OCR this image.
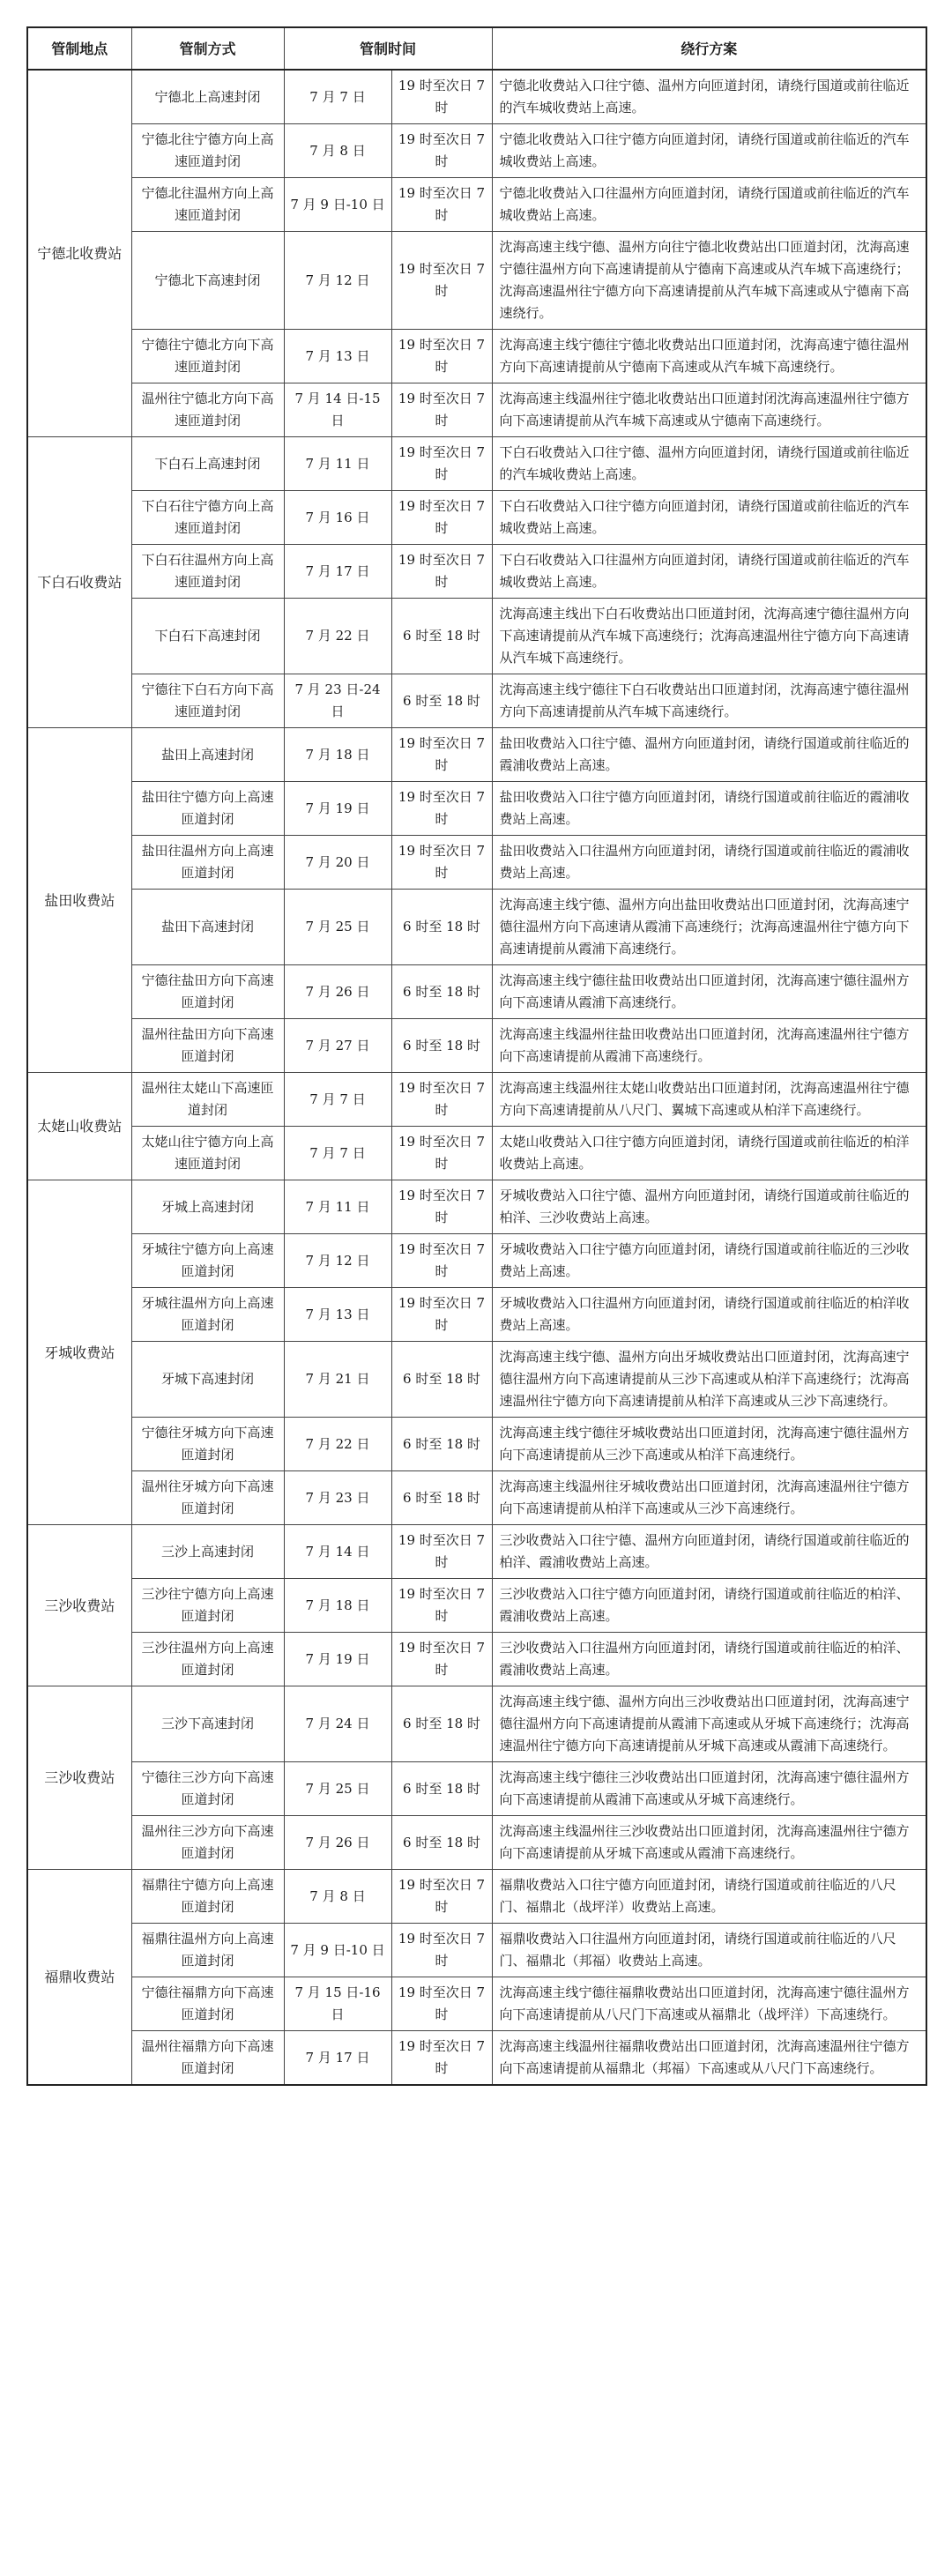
管制地点	管制方式	管制时间		绕行方案
宁德北收费站	宁德北上高速封闭	7 月 7 日	19 时至次日 7 时	宁德北收费站入口往宁德、温州方向匝道封闭，请绕行国道或前往临近的汽车城收费站上高速。
	宁德北往宁德方向上高速匝道封闭	7 月 8 日	19 时至次日 7 时	宁德北收费站入口往宁德方向匝道封闭，请绕行国道或前往临近的汽车城收费站上高速。
	宁德北往温州方向上高速匝道封闭	7 月 9 日-10 日	19 时至次日 7 时	宁德北收费站入口往温州方向匝道封闭，请绕行国道或前往临近的汽车城收费站上高速。
	宁德北下高速封闭	7 月 12 日	19 时至次日 7 时	沈海高速主线宁德、温州方向往宁德北收费站出口匝道封闭，沈海高速宁德往温州方向下高速请提前从宁德南下高速或从汽车城下高速绕行；沈海高速温州往宁德方向下高速请提前从汽车城下高速或从宁德南下高速绕行。
	宁德往宁德北方向下高速匝道封闭	7 月 13 日	19 时至次日 7 时	沈海高速主线宁德往宁德北收费站出口匝道封闭，沈海高速宁德往温州方向下高速请提前从宁德南下高速或从汽车城下高速绕行。
	温州往宁德北方向下高速匝道封闭	7 月 14 日-15 日	19 时至次日 7 时	沈海高速主线温州往宁德北收费站出口匝道封闭沈海高速温州往宁德方向下高速请提前从汽车城下高速或从宁德南下高速绕行。
下白石收费站	下白石上高速封闭	7 月 11 日	19 时至次日 7 时	下白石收费站入口往宁德、温州方向匝道封闭，请绕行国道或前往临近的汽车城收费站上高速。
	下白石往宁德方向上高速匝道封闭	7 月 16 日	19 时至次日 7 时	下白石收费站入口往宁德方向匝道封闭，请绕行国道或前往临近的汽车城收费站上高速。
	下白石往温州方向上高速匝道封闭	7 月 17 日	19 时至次日 7 时	下白石收费站入口往温州方向匝道封闭，请绕行国道或前往临近的汽车城收费站上高速。
	下白石下高速封闭	7 月 22 日	6 时至 18 时	沈海高速主线出下白石收费站出口匝道封闭，沈海高速宁德往温州方向下高速请提前从汽车城下高速绕行；沈海高速温州往宁德方向下高速请从汽车城下高速绕行。
	宁德往下白石方向下高速匝道封闭	7 月 23 日-24 日	6 时至 18 时	沈海高速主线宁德往下白石收费站出口匝道封闭，沈海高速宁德往温州方向下高速请提前从汽车城下高速绕行。
盐田收费站	盐田上高速封闭	7 月 18 日	19 时至次日 7 时	盐田收费站入口往宁德、温州方向匝道封闭，请绕行国道或前往临近的霞浦收费站上高速。
	盐田往宁德方向上高速匝道封闭	7 月 19 日	19 时至次日 7 时	盐田收费站入口往宁德方向匝道封闭，请绕行国道或前往临近的霞浦收费站上高速。
	盐田往温州方向上高速匝道封闭	7 月 20 日	19 时至次日 7 时	盐田收费站入口往温州方向匝道封闭，请绕行国道或前往临近的霞浦收费站上高速。
	盐田下高速封闭	7 月 25 日	6 时至 18 时	沈海高速主线宁德、温州方向出盐田收费站出口匝道封闭，沈海高速宁德往温州方向下高速请从霞浦下高速绕行；沈海高速温州往宁德方向下高速请提前从霞浦下高速绕行。
	宁德往盐田方向下高速匝道封闭	7 月 26 日	6 时至 18 时	沈海高速主线宁德往盐田收费站出口匝道封闭，沈海高速宁德往温州方向下高速请从霞浦下高速绕行。
	温州往盐田方向下高速匝道封闭	7 月 27 日	6 时至 18 时	沈海高速主线温州往盐田收费站出口匝道封闭，沈海高速温州往宁德方向下高速请提前从霞浦下高速绕行。
太姥山收费站	温州往太姥山下高速匝道封闭	7 月 7 日	19 时至次日 7 时	沈海高速主线温州往太姥山收费站出口匝道封闭，沈海高速温州往宁德方向下高速请提前从八尺门、翼城下高速或从柏洋下高速绕行。
	太姥山往宁德方向上高速匝道封闭	7 月 7 日	19 时至次日 7 时	太姥山收费站入口往宁德方向匝道封闭，请绕行国道或前往临近的柏洋收费站上高速。
牙城收费站	牙城上高速封闭	7 月 11 日	19 时至次日 7 时	牙城收费站入口往宁德、温州方向匝道封闭，请绕行国道或前往临近的柏洋、三沙收费站上高速。
	牙城往宁德方向上高速匝道封闭	7 月 12 日	19 时至次日 7 时	牙城收费站入口往宁德方向匝道封闭，请绕行国道或前往临近的三沙收费站上高速。
	牙城往温州方向上高速匝道封闭	7 月 13 日	19 时至次日 7 时	牙城收费站入口往温州方向匝道封闭，请绕行国道或前往临近的柏洋收费站上高速。
	牙城下高速封闭	7 月 21 日	6 时至 18 时	沈海高速主线宁德、温州方向出牙城收费站出口匝道封闭，沈海高速宁德往温州方向下高速请提前从三沙下高速或从柏洋下高速绕行；沈海高速温州往宁德方向下高速请提前从柏洋下高速或从三沙下高速绕行。
	宁德往牙城方向下高速匝道封闭	7 月 22 日	6 时至 18 时	沈海高速主线宁德往牙城收费站出口匝道封闭，沈海高速宁德往温州方向下高速请提前从三沙下高速或从柏洋下高速绕行。
	温州往牙城方向下高速匝道封闭	7 月 23 日	6 时至 18 时	沈海高速主线温州往牙城收费站出口匝道封闭，沈海高速温州往宁德方向下高速请提前从柏洋下高速或从三沙下高速绕行。
三沙收费站	三沙上高速封闭	7 月 14 日	19 时至次日 7 时	三沙收费站入口往宁德、温州方向匝道封闭，请绕行国道或前往临近的柏洋、霞浦收费站上高速。
	三沙往宁德方向上高速匝道封闭	7 月 18 日	19 时至次日 7 时	三沙收费站入口往宁德方向匝道封闭，请绕行国道或前往临近的柏洋、霞浦收费站上高速。
	三沙往温州方向上高速匝道封闭	7 月 19 日	19 时至次日 7 时	三沙收费站入口往温州方向匝道封闭，请绕行国道或前往临近的柏洋、霞浦收费站上高速。
三沙收费站	三沙下高速封闭	7 月 24 日	6 时至 18 时	沈海高速主线宁德、温州方向出三沙收费站出口匝道封闭，沈海高速宁德往温州方向下高速请提前从霞浦下高速或从牙城下高速绕行；沈海高速温州往宁德方向下高速请提前从牙城下高速或从霞浦下高速绕行。
	宁德往三沙方向下高速匝道封闭	7 月 25 日	6 时至 18 时	沈海高速主线宁德往三沙收费站出口匝道封闭，沈海高速宁德往温州方向下高速请提前从霞浦下高速或从牙城下高速绕行。
	温州往三沙方向下高速匝道封闭	7 月 26 日	6 时至 18 时	沈海高速主线温州往三沙收费站出口匝道封闭，沈海高速温州往宁德方向下高速请提前从牙城下高速或从霞浦下高速绕行。
福鼎收费站	福鼎往宁德方向上高速匝道封闭	7 月 8 日	19 时至次日 7 时	福鼎收费站入口往宁德方向匝道封闭，请绕行国道或前往临近的八尺门、福鼎北（战坪洋）收费站上高速。
	福鼎往温州方向上高速匝道封闭	7 月 9 日-10 日	19 时至次日 7 时	福鼎收费站入口往温州方向匝道封闭，请绕行国道或前往临近的八尺门、福鼎北（邦福）收费站上高速。
	宁德往福鼎方向下高速匝道封闭	7 月 15 日-16 日	19 时至次日 7 时	沈海高速主线宁德往福鼎收费站出口匝道封闭，沈海高速宁德往温州方向下高速请提前从八尺门下高速或从福鼎北（战坪洋）下高速绕行。
	温州往福鼎方向下高速匝道封闭	7 月 17 日	19 时至次日 7 时	沈海高速主线温州往福鼎收费站出口匝道封闭，沈海高速温州往宁德方向下高速请提前从福鼎北（邦福）下高速或从八尺门下高速绕行。
